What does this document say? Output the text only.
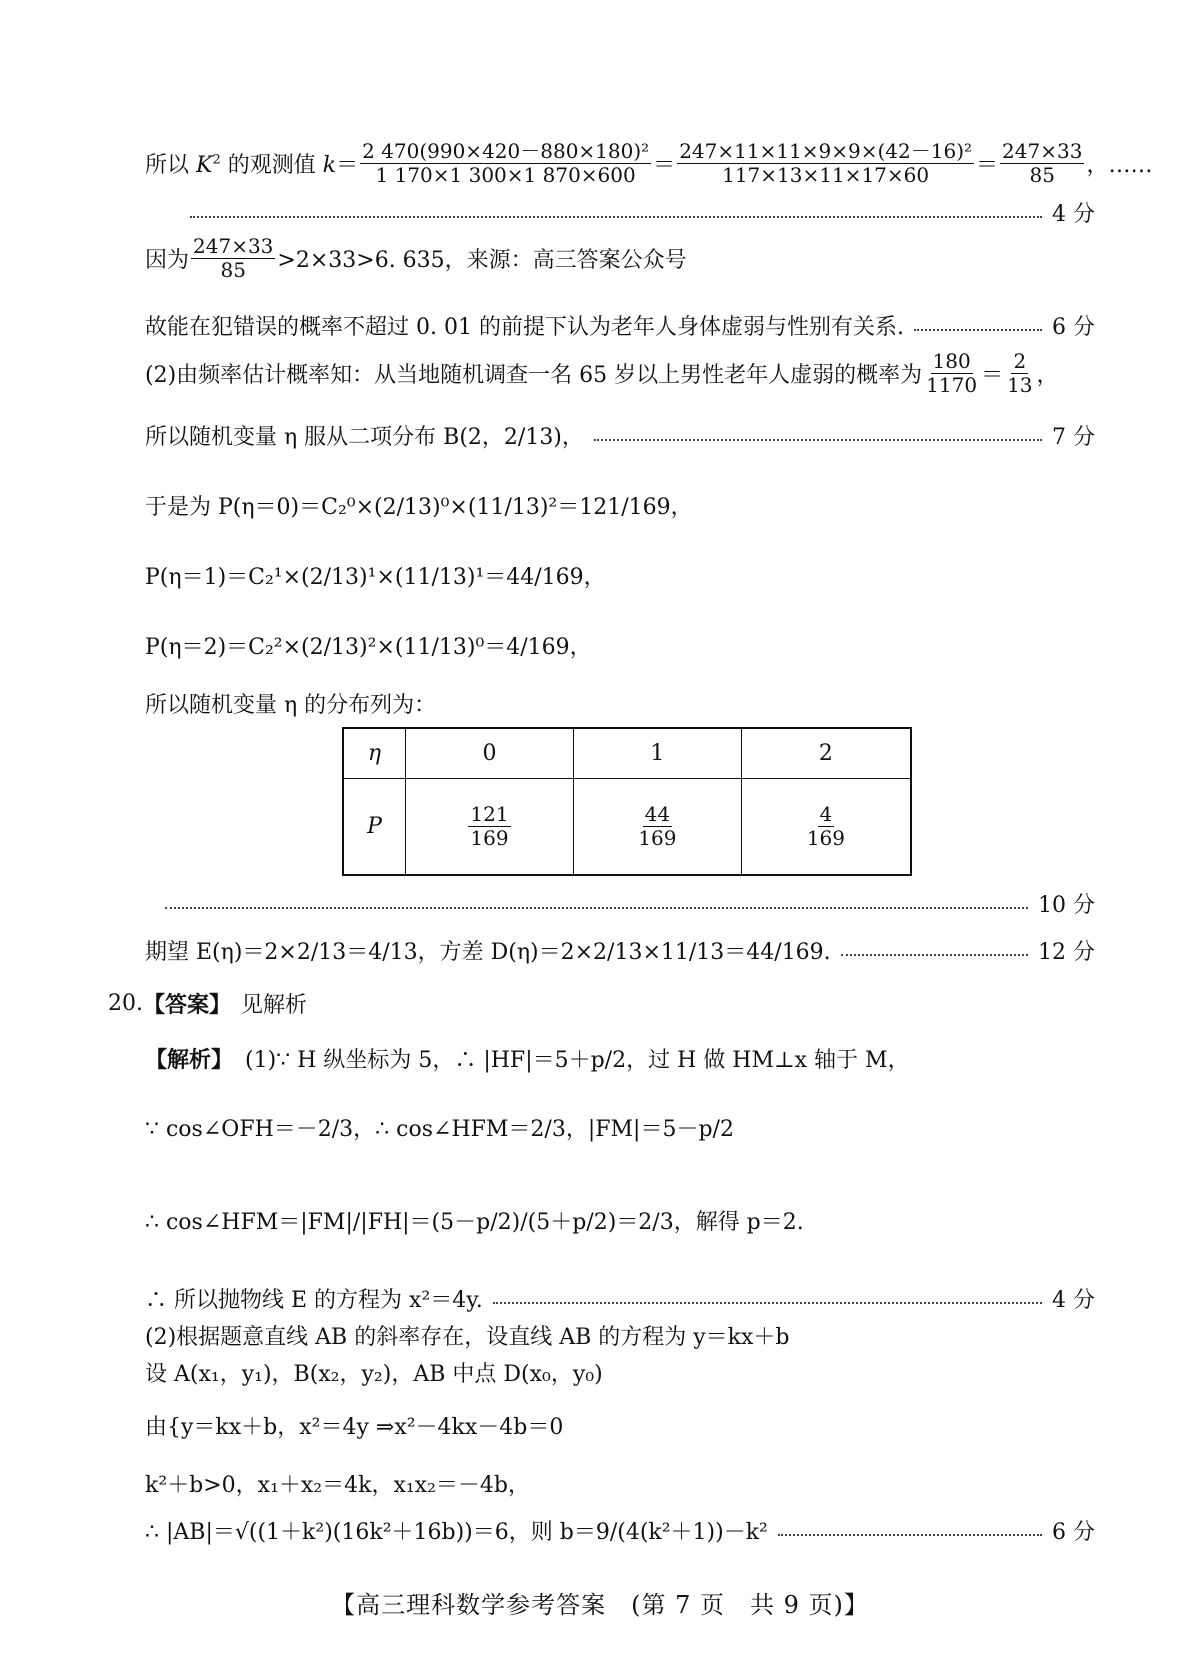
所以 $K^2$ 的观测值 $k= \frac{\text{2 470(990×420－880×180)²}}{1 170\times 1 300\times 1 870\times 600} = \frac{\text{247×11×11×9×9×(42－16)²}}{117\times 13\times 11\times 17\times 60} = \frac{247\times 33}{85}$ ，……
4 分
因为 $\frac{247\times 33}{85} >2\times 33>6$. 635，来源：高三答案公众号
故能在犯错误的概率不超过 0. 01 的前提下认为老年人身体虚弱与性别有关系.	6 分
(2)由频率估计概率知：从当地随机调查一名 65 岁以上男性老年人虚弱的概率为 $\frac{180}{1170} = \frac{2}{13}$ ，
所以随机变量 η 服从二项分布 B(2，2/13)，	7 分
于是为 P(η＝0)＝C₂⁰×(2/13)⁰×(11/13)²＝121/169，
P(η＝1)＝C₂¹×(2/13)¹×(11/13)¹＝44/169，
P(η＝2)＝C₂²×(2/13)²×(11/13)⁰＝4/169，
所以随机变量 η 的分布列为：
η	0	1	2
P	$\frac{121}{169}$	$\frac{44}{169}$	$\frac{4}{169}$
10 分
期望 E(η)＝2×2/13＝4/13，方差 D(η)＝2×2/13×11/13＝44/169.	12 分
20. 【答案】 见解析
【解析】 (1)∵ H 纵坐标为 5，∴ |HF|＝5＋p/2，过 H 做 HM⊥x 轴于 M，
∵ cos∠OFH＝－2/3，∴ cos∠HFM＝2/3，|FM|＝5－p/2
∴ cos∠HFM＝|FM|/|FH|＝(5－p/2)/(5＋p/2)＝2/3，解得 p＝2.
∴ 所以抛物线 E 的方程为 x²＝4y.	4 分
(2)根据题意直线 AB 的斜率存在，设直线 AB 的方程为 y＝kx＋b
设 A(x₁，y₁)，B(x₂，y₂)，AB 中点 D(x₀，y₀)
由{y＝kx＋b，x²＝4y ⇒x²－4kx－4b＝0
k²＋b>0，x₁＋x₂＝4k，x₁x₂＝－4b，
∴ |AB|＝√((1＋k²)(16k²＋16b))＝6，则 b＝9/(4(k²＋1))－k²	6 分
【高三理科数学参考答案　(第 7 页　共 9 页)】
